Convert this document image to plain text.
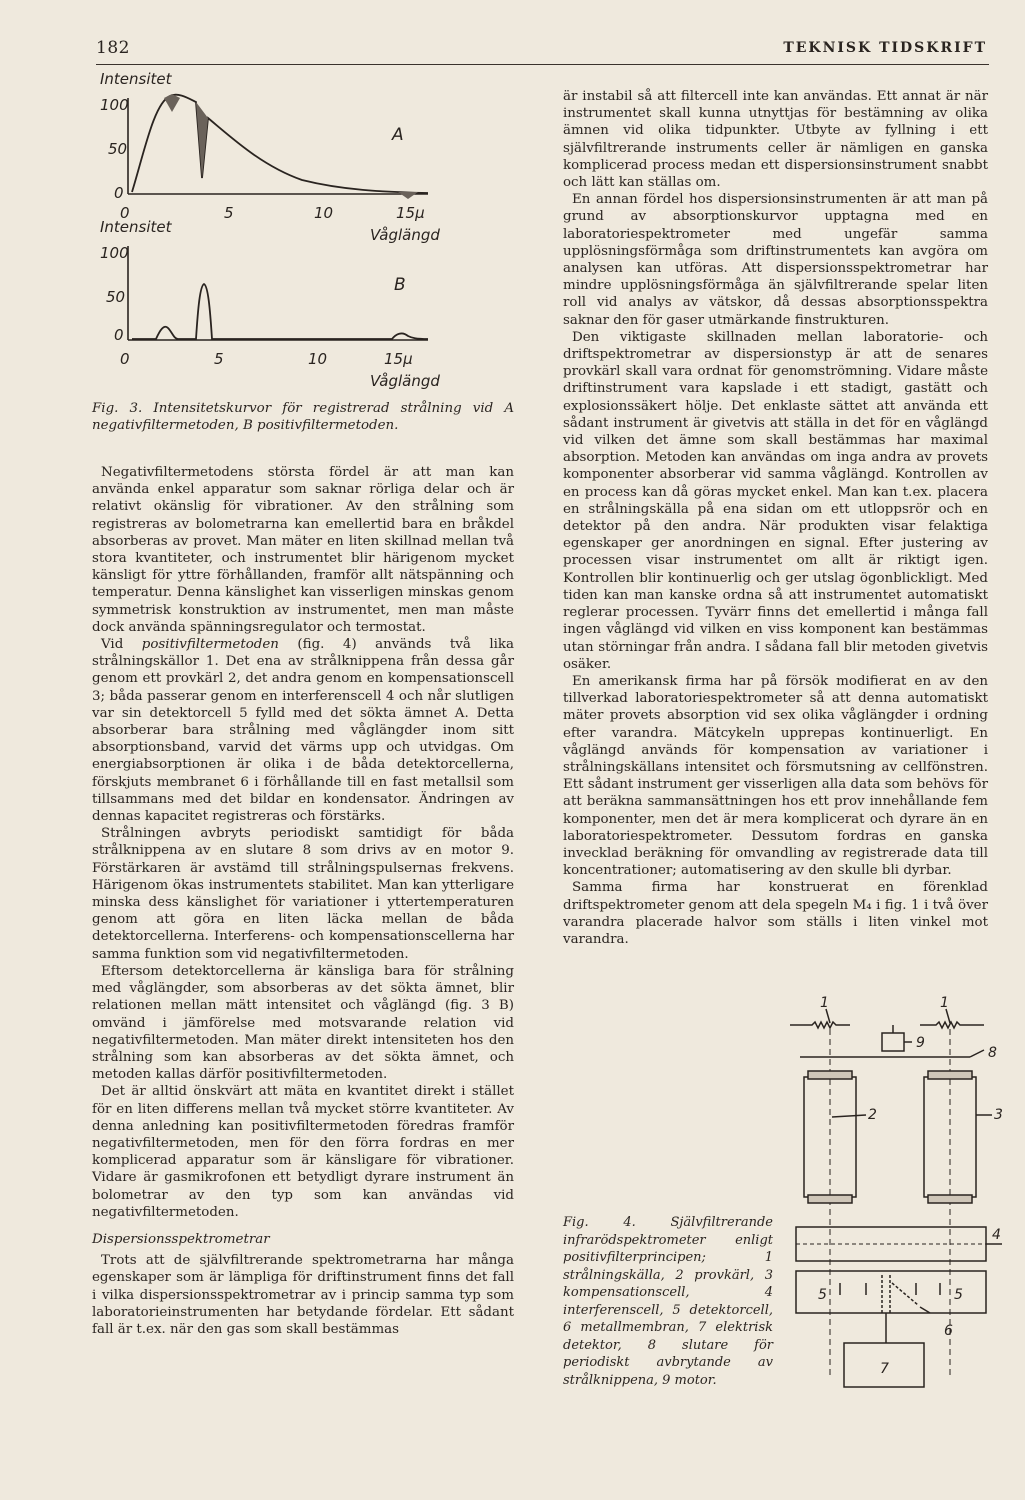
182	TEKNISK TIDSKRIFT
Intensitet
100
50
0
0	5	10	15µ
Våglängd
A
Intensitet
100
50
0
0	5	10	15µ
Våglängd
B

Fig. 3. Intensitetskurvor för registrerad strålning vid A negativfiltermetoden, B positivfiltermetoden.

Negativfiltermetodens största fördel är att man kan använda enkel apparatur som saknar rörliga delar och är relativt okänslig för vibrationer. Av den strålning som registreras av bolometrarna kan emellertid bara en bråkdel absorberas av provet. Man mäter en liten skillnad mellan två stora kvantiteter, och instrumentet blir härigenom mycket känsligt för yttre förhållanden, framför allt nätspänning och temperatur. Denna känslighet kan visserligen minskas genom symmetrisk konstruktion av instrumentet, men man måste dock använda spänningsregulator och termostat.

Vid positivfiltermetoden (fig. 4) används två lika strålningskällor 1. Det ena av strålknippena från dessa går genom ett provkärl 2, det andra genom en kompensationscell 3; båda passerar genom en interferenscell 4 och når slutligen var sin detektorcell 5 fylld med det sökta ämnet A. Detta absorberar bara strålning med våglängder inom sitt absorptionsband, varvid det värms upp och utvidgas. Om energiabsorptionen är olika i de båda detektorcellerna, förskjuts membranet 6 i förhållande till en fast metallsil som tillsammans med det bildar en kondensator. Ändringen av dennas kapacitet registreras och förstärks.

Strålningen avbryts periodiskt samtidigt för båda strålknippena av en slutare 8 som drivs av en motor 9. Förstärkaren är avstämd till strålningspulsernas frekvens. Härigenom ökas instrumentets stabilitet. Man kan ytterligare minska dess känslighet för variationer i yttertemperaturen genom att göra en liten läcka mellan de båda detektorcellerna. Interferens- och kompensationscellerna har samma funktion som vid negativfiltermetoden.

Eftersom detektorcellerna är känsliga bara för strålning med våglängder, som absorberas av det sökta ämnet, blir relationen mellan mätt intensitet och våglängd (fig. 3 B) omvänd i jämförelse med motsvarande relation vid negativfiltermetoden. Man mäter direkt intensiteten hos den strålning som kan absorberas av det sökta ämnet, och metoden kallas därför positivfiltermetoden.

Det är alltid önskvärt att mäta en kvantitet direkt i stället för en liten differens mellan två mycket större kvantiteter. Av denna anledning kan positivfiltermetoden föredras framför negativfiltermetoden, men för den förra fordras en mer komplicerad apparatur som är känsligare för vibrationer. Vidare är gasmikrofonen ett betydligt dyrare instrument än bolometrar av den typ som kan användas vid negativfiltermetoden.

Dispersionsspektrometrar

Trots att de självfiltrerande spektrometrarna har många egenskaper som är lämpliga för driftinstrument finns det fall i vilka dispersionsspektrometrar av i princip samma typ som laboratorieinstrumenten har betydande fördelar. Ett sådant fall är t.ex. när den gas som skall bestämmas

är instabil så att filtercell inte kan användas. Ett annat är när instrumentet skall kunna utnyttjas för bestämning av olika ämnen vid olika tidpunkter. Utbyte av fyllning i ett självfiltrerande instruments celler är nämligen en ganska komplicerad process medan ett dispersionsinstrument snabbt och lätt kan ställas om.

En annan fördel hos dispersionsinstrumenten är att man på grund av absorptionskurvor upptagna med en laboratoriespektrometer med ungefär samma upplösningsförmåga som driftinstrumentets kan avgöra om analysen kan utföras. Att dispersionsspektrometrar har mindre upplösningsförmåga än självfiltrerande spelar liten roll vid analys av vätskor, då dessas absorptionsspektra saknar den för gaser utmärkande finstrukturen.

Den viktigaste skillnaden mellan laboratorie- och driftspektrometrar av dispersionstyp är att de senares provkärl skall vara ordnat för genomströmning. Vidare måste driftinstrument vara kapslade i ett stadigt, gastätt och explosionssäkert hölje. Det enklaste sättet att använda ett sådant instrument är givetvis att ställa in det för en våglängd vid vilken det ämne som skall bestämmas har maximal absorption. Metoden kan användas om inga andra av provets komponenter absorberar vid samma våglängd. Kontrollen av en process kan då göras mycket enkel. Man kan t.ex. placera en strålningskälla på ena sidan om ett utloppsrör och en detektor på den andra. När produkten visar felaktiga egenskaper ger anordningen en signal. Efter justering av processen visar instrumentet om allt är riktigt igen. Kontrollen blir kontinuerlig och ger utslag ögonblickligt. Med tiden kan man kanske ordna så att instrumentet automatiskt reglerar processen. Tyvärr finns det emellertid i många fall ingen våglängd vid vilken en viss komponent kan bestämmas utan störningar från andra. I sådana fall blir metoden givetvis osäker.

En amerikansk firma har på försök modifierat en av den tillverkad laboratoriespektrometer så att denna automatiskt mäter provets absorption vid sex olika våglängder i ordning efter varandra. Mätcykeln upprepas kontinuerligt. En våglängd används för kompensation av variationer i strålningskällans intensitet och försmutsning av cellfönstren. Ett sådant instrument ger visserligen alla data som behövs för att beräkna sammansättningen hos ett prov innehållande fem komponenter, men det är mera komplicerat och dyrare än en laboratoriespektrometer. Dessutom fordras en ganska invecklad beräkning för omvandling av registrerade data till koncentrationer; automatisering av den skulle bli dyrbar.

Samma firma har konstruerat en förenklad driftspektrometer genom att dela spegeln M₄ i fig. 1 i två över varandra placerade halvor som ställs i liten vinkel mot varandra.

1	1
9
8
2	3
4
5	5
6
7

Fig. 4. Självfiltrerande infrarödspektrometer enligt positivfilterprincipen; 1 strålningskälla, 2 provkärl, 3 kompensationscell, 4 interferenscell, 5 detektorcell, 6 metallmembran, 7 elektrisk detektor, 8 slutare för periodiskt avbrytande av strålknippena, 9 motor.
